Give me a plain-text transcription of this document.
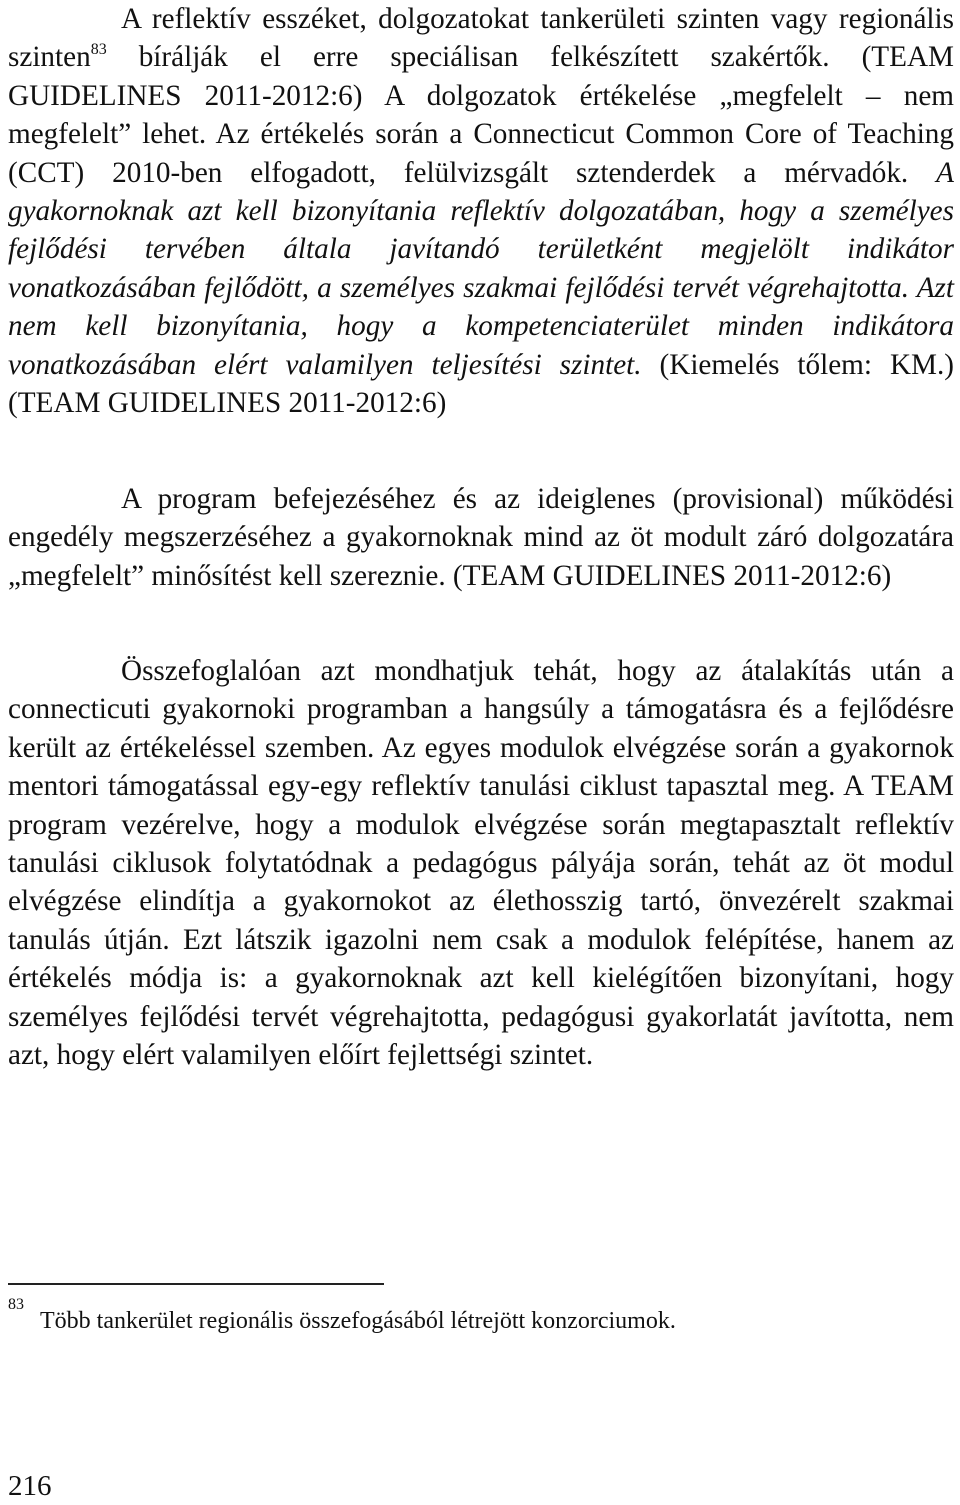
A reflektív esszéket, dolgozatokat tankerületi szinten vagy regionális szinten$^{83}$ bírálják el erre speciálisan felkészített szakértők. (TEAM GUIDELINES 2011-2012:6) A dolgozatok értékelése „megfelelt – nem megfelelt” lehet. Az értékelés során a Connecticut Common Core of Teaching (CCT) 2010-ben elfogadott, felülvizsgált sztenderdek a mérvadók. A gyakornoknak azt kell bizonyítania reflektív dolgozatában, hogy a személyes fejlődési tervében általa javítandó területként megjelölt indikátor vonatkozásában fejlődött, a személyes szakmai fejlődési tervét végrehajtotta. Azt nem kell bizonyítania, hogy a kompetenciaterület minden indikátora vonatkozásában elért valamilyen teljesítési szintet. (Kiemelés tőlem: KM.) (TEAM GUIDELINES 2011-2012:6)

A program befejezéséhez és az ideiglenes (provisional) működési engedély megszerzéséhez a gyakornoknak mind az öt modult záró dolgozatára „megfelelt” minősítést kell szereznie. (TEAM GUIDELINES 2011-2012:6)

Összefoglalóan azt mondhatjuk tehát, hogy az átalakítás után a connecticuti gyakornoki programban a hangsúly a támogatásra és a fejlődésre került az értékeléssel szemben. Az egyes modulok elvégzése során a gyakornok mentori támogatással egy-egy reflektív tanulási ciklust tapasztal meg. A TEAM program vezérelve, hogy a modulok elvégzése során megtapasztalt reflektív tanulási ciklusok folytatódnak a pedagógus pályája során, tehát az öt modul elvégzése elindítja a gyakornokot az élethosszig tartó, önvezérelt szakmai tanulás útján. Ezt látszik igazolni nem csak a modulok felépítése, hanem az értékelés módja is: a gyakornoknak azt kell kielégítően bizonyítani, hogy személyes fejlődési tervét végrehajtotta, pedagógusi gyakorlatát javította, nem azt, hogy elért valamilyen előírt fejlettségi szintet.

83
Több tankerület regionális összefogásából létrejött konzorciumok.
216
